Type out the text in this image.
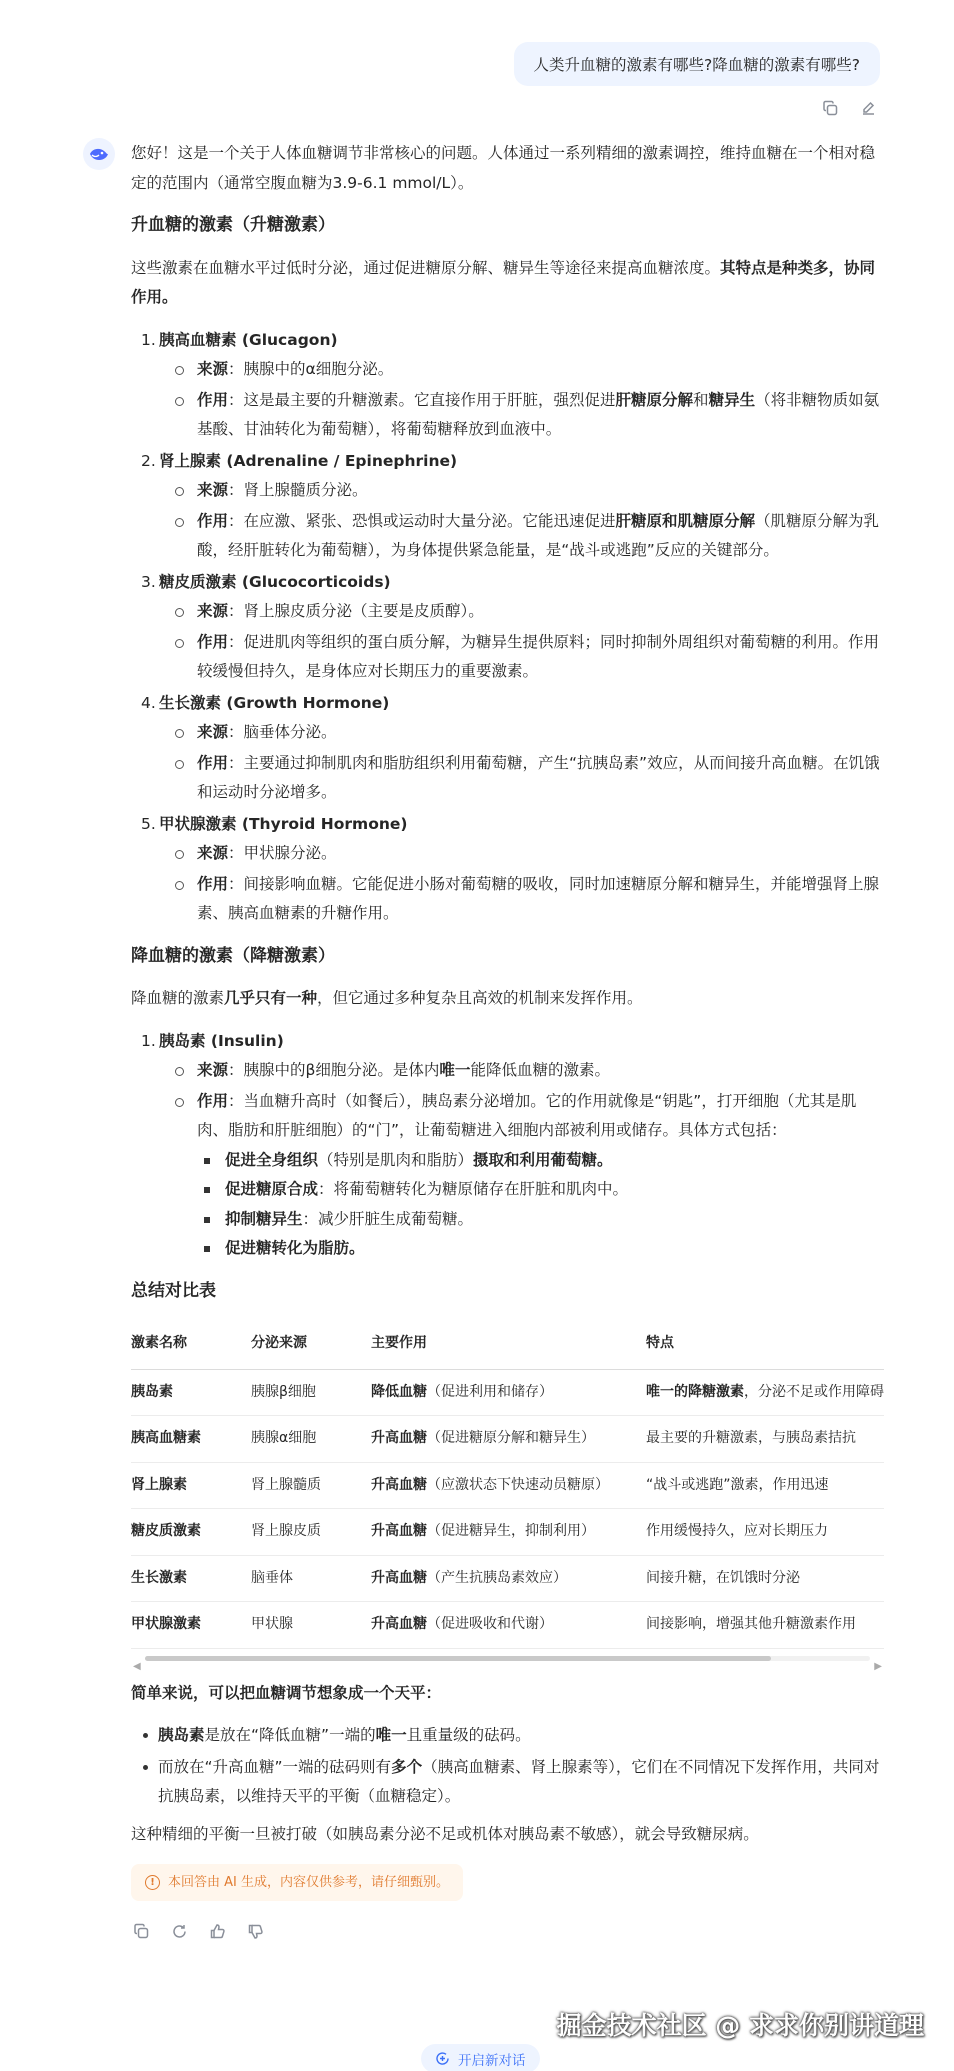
人类升血糖的激素有哪些?降血糖的激素有哪些?

您好！这是一个关于人体血糖调节非常核心的问题。人体通过一系列精细的激素调控，维持血糖在一个相对稳定的范围内（通常空腹血糖为3.9-6.1 mmol/L）。

升血糖的激素（升糖激素）

这些激素在血糖水平过低时分泌，通过促进糖原分解、糖异生等途径来提高血糖浓度。其特点是种类多，协同作用。

1. 胰高血糖素 (Glucagon)
来源：胰腺中的α细胞分泌。
作用：这是最主要的升糖激素。它直接作用于肝脏，强烈促进肝糖原分解和糖异生（将非糖物质如氨基酸、甘油转化为葡萄糖），将葡萄糖释放到血液中。
2. 肾上腺素 (Adrenaline / Epinephrine)
来源：肾上腺髓质分泌。
作用：在应激、紧张、恐惧或运动时大量分泌。它能迅速促进肝糖原和肌糖原分解（肌糖原分解为乳酸，经肝脏转化为葡萄糖），为身体提供紧急能量，是“战斗或逃跑”反应的关键部分。
3. 糖皮质激素 (Glucocorticoids)
来源：肾上腺皮质分泌（主要是皮质醇）。
作用：促进肌肉等组织的蛋白质分解，为糖异生提供原料；同时抑制外周组织对葡萄糖的利用。作用较缓慢但持久，是身体应对长期压力的重要激素。
4. 生长激素 (Growth Hormone)
来源：脑垂体分泌。
作用：主要通过抑制肌肉和脂肪组织利用葡萄糖，产生“抗胰岛素”效应，从而间接升高血糖。在饥饿和运动时分泌增多。
5. 甲状腺激素 (Thyroid Hormone)
来源：甲状腺分泌。
作用：间接影响血糖。它能促进小肠对葡萄糖的吸收，同时加速糖原分解和糖异生，并能增强肾上腺素、胰高血糖素的升糖作用。
降血糖的激素（降糖激素）

降血糖的激素几乎只有一种，但它通过多种复杂且高效的机制来发挥作用。

1. 胰岛素 (Insulin)
来源：胰腺中的β细胞分泌。是体内唯一能降低血糖的激素。
作用：当血糖升高时（如餐后），胰岛素分泌增加。它的作用就像是“钥匙”，打开细胞（尤其是肌肉、脂肪和肝脏细胞）的“门”，让葡萄糖进入细胞内部被利用或储存。具体方式包括：
促进全身组织（特别是肌肉和脂肪）摄取和利用葡萄糖。
促进糖原合成：将葡萄糖转化为糖原储存在肝脏和肌肉中。
抑制糖异生：减少肝脏生成葡萄糖。
促进糖转化为脂肪。
总结对比表
激素名称	分泌来源	主要作用	特点
胰岛素	胰腺β细胞	降低血糖（促进利用和储存）	唯一的降糖激素，分泌不足或作用障碍
胰高血糖素	胰腺α细胞	升高血糖（促进糖原分解和糖异生）	最主要的升糖激素，与胰岛素拮抗
肾上腺素	肾上腺髓质	升高血糖（应激状态下快速动员糖原）	“战斗或逃跑”激素，作用迅速
糖皮质激素	肾上腺皮质	升高血糖（促进糖异生，抑制利用）	作用缓慢持久，应对长期压力
生长激素	脑垂体	升高血糖（产生抗胰岛素效应）	间接升糖，在饥饿时分泌
甲状腺激素	甲状腺	升高血糖（促进吸收和代谢）	间接影响，增强其他升糖激素作用
◀	▶
简单来说，可以把血糖调节想象成一个天平：
胰岛素是放在“降低血糖”一端的唯一且重量级的砝码。
而放在“升高血糖”一端的砝码则有多个（胰高血糖素、肾上腺素等），它们在不同情况下发挥作用，共同对抗胰岛素，以维持天平的平衡（血糖稳定）。

这种精细的平衡一旦被打破（如胰岛素分泌不足或机体对胰岛素不敏感），就会导致糖尿病。

!	本回答由 AI 生成，内容仅供参考，请仔细甄别。
掘金技术社区 @ 求求你别讲道理
开启新对话
